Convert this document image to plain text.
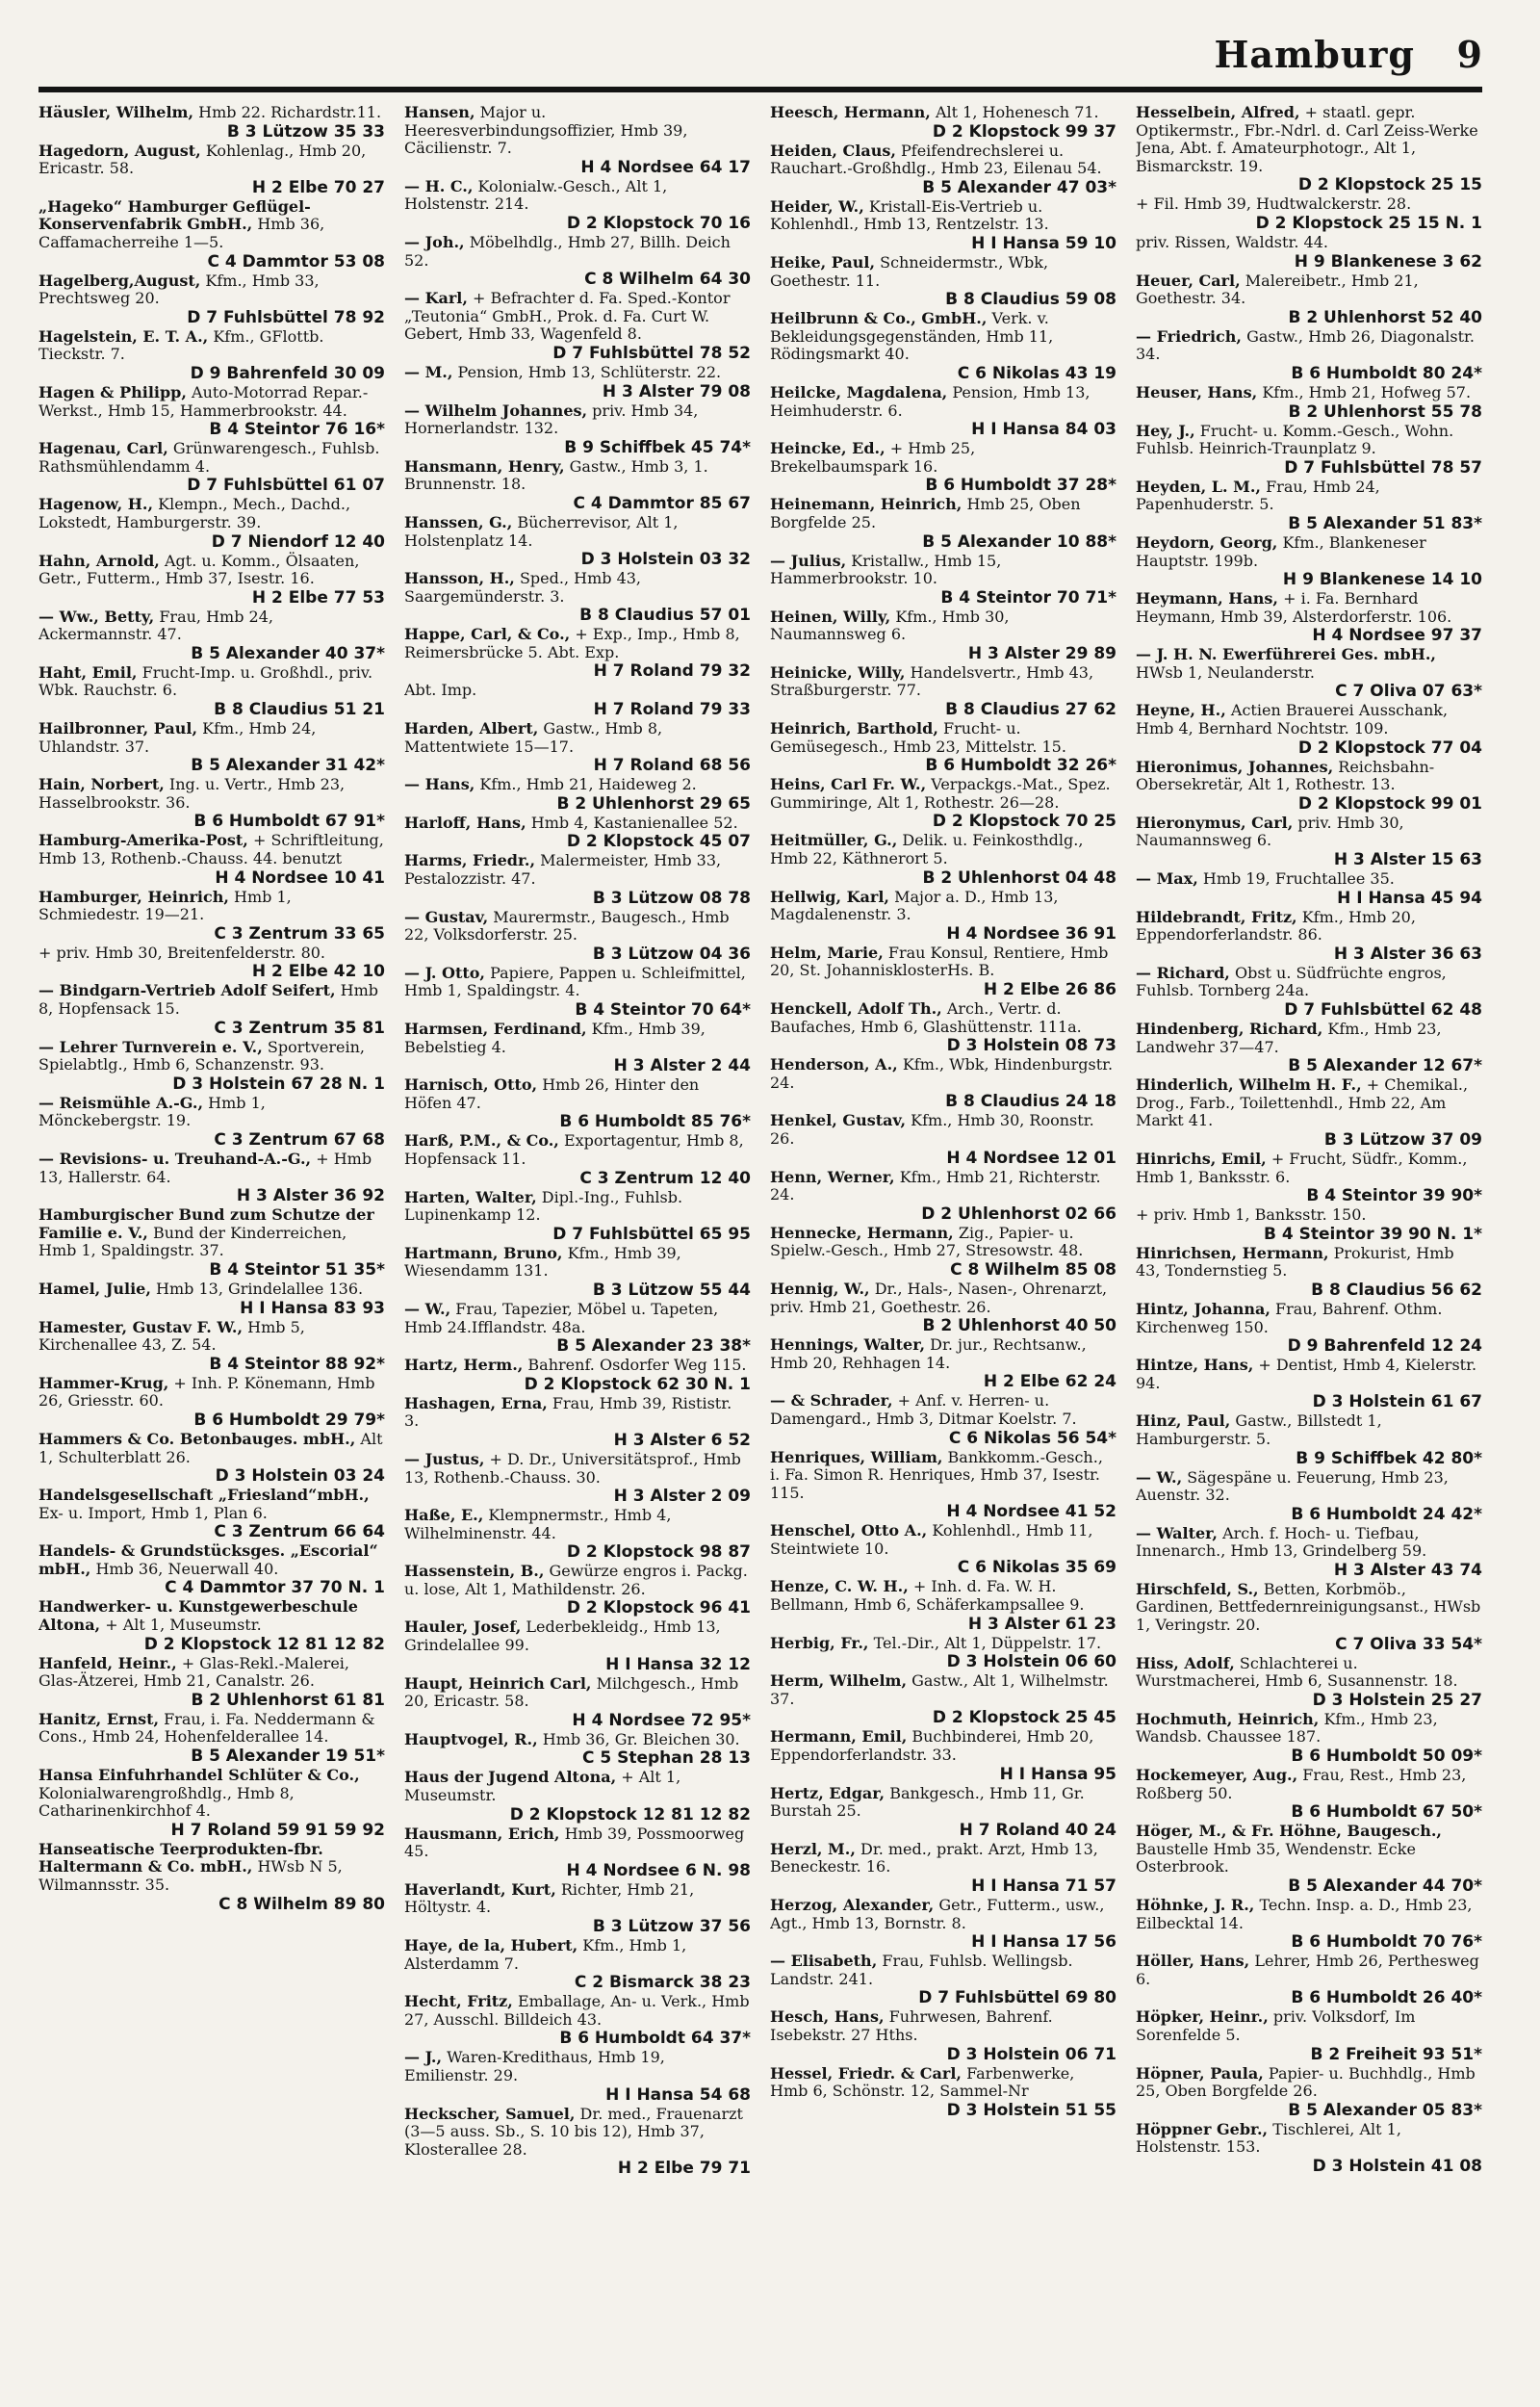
Hamburg 9
Häusler, Wilhelm, Hmb 22. Richardstr.11.
B 3 Lützow 35 33
Hagedorn, August, Kohlenlag., Hmb 20, Ericastr. 58.
H 2 Elbe 70 27
„Hageko“ Hamburger Geflügel-Konservenfabrik GmbH., Hmb 36, Caffamacherreihe 1—5.
C 4 Dammtor 53 08
Hagelberg,August, Kfm., Hmb 33, Prechtsweg 20.
D 7 Fuhlsbüttel 78 92
Hagelstein, E. T. A., Kfm., GFlottb. Tieckstr. 7.
D 9 Bahrenfeld 30 09
Hagen & Philipp, Auto-Motorrad Repar.-Werkst., Hmb 15, Hammerbrookstr. 44.
B 4 Steintor 76 16*
Hagenau, Carl, Grünwarengesch., Fuhlsb. Rathsmühlendamm 4.
D 7 Fuhlsbüttel 61 07
Hagenow, H., Klempn., Mech., Dachd., Lokstedt, Hamburgerstr. 39.
D 7 Niendorf 12 40
Hahn, Arnold, Agt. u. Komm., Ölsaaten, Getr., Futterm., Hmb 37, Isestr. 16.
H 2 Elbe 77 53
— Ww., Betty, Frau, Hmb 24, Ackermannstr. 47.
B 5 Alexander 40 37*
Haht, Emil, Frucht-Imp. u. Großhdl., priv. Wbk. Rauchstr. 6.
B 8 Claudius 51 21
Hailbronner, Paul, Kfm., Hmb 24, Uhlandstr. 37.
B 5 Alexander 31 42*
Hain, Norbert, Ing. u. Vertr., Hmb 23, Hasselbrookstr. 36.
B 6 Humboldt 67 91*
Hamburg-Amerika-Post, + Schriftleitung, Hmb 13, Rothenb.-Chauss. 44. benutzt
H 4 Nordsee 10 41
Hamburger, Heinrich, Hmb 1, Schmiedestr. 19—21.
C 3 Zentrum 33 65
+ priv. Hmb 30, Breitenfelderstr. 80.
H 2 Elbe 42 10
— Bindgarn-Vertrieb Adolf Seifert, Hmb 8, Hopfensack 15.
C 3 Zentrum 35 81
— Lehrer Turnverein e. V., Sportverein, Spielabtlg., Hmb 6, Schanzenstr. 93.
D 3 Holstein 67 28 N. 1
— Reismühle A.-G., Hmb 1, Mönckebergstr. 19.
C 3 Zentrum 67 68
— Revisions- u. Treuhand-A.-G., + Hmb 13, Hallerstr. 64.
H 3 Alster 36 92
Hamburgischer Bund zum Schutze der Familie e. V., Bund der Kinderreichen, Hmb 1, Spaldingstr. 37.
B 4 Steintor 51 35*
Hamel, Julie, Hmb 13, Grindelallee 136.
H I Hansa 83 93
Hamester, Gustav F. W., Hmb 5, Kirchenallee 43, Z. 54.
B 4 Steintor 88 92*
Hammer-Krug, + Inh. P. Könemann, Hmb 26, Griesstr. 60.
B 6 Humboldt 29 79*
Hammers & Co. Betonbauges. mbH., Alt 1, Schulterblatt 26.
D 3 Holstein 03 24
Handelsgesellschaft „Friesland“mbH., Ex- u. Import, Hmb 1, Plan 6.
C 3 Zentrum 66 64
Handels- & Grundstücksges. „Escorial“ mbH., Hmb 36, Neuerwall 40.
C 4 Dammtor 37 70 N. 1
Handwerker- u. Kunstgewerbeschule Altona, + Alt 1, Museumstr.
D 2 Klopstock 12 81 12 82
Hanfeld, Heinr., + Glas-Rekl.-Malerei, Glas-Ätzerei, Hmb 21, Canalstr. 26.
B 2 Uhlenhorst 61 81
Hanitz, Ernst, Frau, i. Fa. Neddermann & Cons., Hmb 24, Hohenfelderallee 14.
B 5 Alexander 19 51*
Hansa Einfuhrhandel Schlüter & Co., Kolonialwarengroßhdlg., Hmb 8, Catharinenkirchhof 4.
H 7 Roland 59 91 59 92
Hanseatische Teerprodukten-fbr. Haltermann & Co. mbH., HWsb N 5, Wilmannsstr. 35.
C 8 Wilhelm 89 80
Hansen, Major u. Heeresverbindungsoffizier, Hmb 39, Cäcilienstr. 7.
H 4 Nordsee 64 17
— H. C., Kolonialw.-Gesch., Alt 1, Holstenstr. 214.
D 2 Klopstock 70 16
— Joh., Möbelhdlg., Hmb 27, Billh. Deich 52.
C 8 Wilhelm 64 30
— Karl, + Befrachter d. Fa. Sped.-Kontor „Teutonia“ GmbH., Prok. d. Fa. Curt W. Gebert, Hmb 33, Wagenfeld 8.
D 7 Fuhlsbüttel 78 52
— M., Pension, Hmb 13, Schlüterstr. 22.
H 3 Alster 79 08
— Wilhelm Johannes, priv. Hmb 34, Hornerlandstr. 132.
B 9 Schiffbek 45 74*
Hansmann, Henry, Gastw., Hmb 3, 1. Brunnenstr. 18.
C 4 Dammtor 85 67
Hanssen, G., Bücherrevisor, Alt 1, Holstenplatz 14.
D 3 Holstein 03 32
Hansson, H., Sped., Hmb 43, Saargemünderstr. 3.
B 8 Claudius 57 01
Happe, Carl, & Co., + Exp., Imp., Hmb 8, Reimersbrücke 5. Abt. Exp.
H 7 Roland 79 32
Abt. Imp.
H 7 Roland 79 33
Harden, Albert, Gastw., Hmb 8, Mattentwiete 15—17.
H 7 Roland 68 56
— Hans, Kfm., Hmb 21, Haideweg 2.
B 2 Uhlenhorst 29 65
Harloff, Hans, Hmb 4, Kastanienallee 52.
D 2 Klopstock 45 07
Harms, Friedr., Malermeister, Hmb 33, Pestalozzistr. 47.
B 3 Lützow 08 78
— Gustav, Maurermstr., Baugesch., Hmb 22, Volksdorferstr. 25.
B 3 Lützow 04 36
— J. Otto, Papiere, Pappen u. Schleifmittel, Hmb 1, Spaldingstr. 4.
B 4 Steintor 70 64*
Harmsen, Ferdinand, Kfm., Hmb 39, Bebelstieg 4.
H 3 Alster 2 44
Harnisch, Otto, Hmb 26, Hinter den Höfen 47.
B 6 Humboldt 85 76*
Harß, P.M., & Co., Exportagentur, Hmb 8, Hopfensack 11.
C 3 Zentrum 12 40
Harten, Walter, Dipl.-Ing., Fuhlsb. Lupinenkamp 12.
D 7 Fuhlsbüttel 65 95
Hartmann, Bruno, Kfm., Hmb 39, Wiesendamm 131.
B 3 Lützow 55 44
— W., Frau, Tapezier, Möbel u. Tapeten, Hmb 24.Ifflandstr. 48a.
B 5 Alexander 23 38*
Hartz, Herm., Bahrenf. Osdorfer Weg 115.
D 2 Klopstock 62 30 N. 1
Hashagen, Erna, Frau, Hmb 39, Rististr. 3.
H 3 Alster 6 52
— Justus, + D. Dr., Universitätsprof., Hmb 13, Rothenb.-Chauss. 30.
H 3 Alster 2 09
Haße, E., Klempnermstr., Hmb 4, Wilhelminenstr. 44.
D 2 Klopstock 98 87
Hassenstein, B., Gewürze engros i. Packg. u. lose, Alt 1, Mathildenstr. 26.
D 2 Klopstock 96 41
Hauler, Josef, Lederbekleidg., Hmb 13, Grindelallee 99.
H I Hansa 32 12
Haupt, Heinrich Carl, Milchgesch., Hmb 20, Ericastr. 58.
H 4 Nordsee 72 95*
Hauptvogel, R., Hmb 36, Gr. Bleichen 30.
C 5 Stephan 28 13
Haus der Jugend Altona, + Alt 1, Museumstr.
D 2 Klopstock 12 81 12 82
Hausmann, Erich, Hmb 39, Possmoorweg 45.
H 4 Nordsee 6 N. 98
Haverlandt, Kurt, Richter, Hmb 21, Höltystr. 4.
B 3 Lützow 37 56
Haye, de la, Hubert, Kfm., Hmb 1, Alsterdamm 7.
C 2 Bismarck 38 23
Hecht, Fritz, Emballage, An- u. Verk., Hmb 27, Ausschl. Billdeich 43.
B 6 Humboldt 64 37*
— J., Waren-Kredithaus, Hmb 19, Emilienstr. 29.
H I Hansa 54 68
Heckscher, Samuel, Dr. med., Frauenarzt (3—5 auss. Sb., S. 10 bis 12), Hmb 37, Klosterallee 28.
H 2 Elbe 79 71
Heesch, Hermann, Alt 1, Hohenesch 71.
D 2 Klopstock 99 37
Heiden, Claus, Pfeifendrechslerei u. Rauchart.-Großhdlg., Hmb 23, Eilenau 54.
B 5 Alexander 47 03*
Heider, W., Kristall-Eis-Vertrieb u. Kohlenhdl., Hmb 13, Rentzelstr. 13.
H I Hansa 59 10
Heike, Paul, Schneidermstr., Wbk, Goethestr. 11.
B 8 Claudius 59 08
Heilbrunn & Co., GmbH., Verk. v. Bekleidungsgegenständen, Hmb 11, Rödingsmarkt 40.
C 6 Nikolas 43 19
Heilcke, Magdalena, Pension, Hmb 13, Heimhuderstr. 6.
H I Hansa 84 03
Heincke, Ed., + Hmb 25, Brekelbaumspark 16.
B 6 Humboldt 37 28*
Heinemann, Heinrich, Hmb 25, Oben Borgfelde 25.
B 5 Alexander 10 88*
— Julius, Kristallw., Hmb 15, Hammerbrookstr. 10.
B 4 Steintor 70 71*
Heinen, Willy, Kfm., Hmb 30, Naumannsweg 6.
H 3 Alster 29 89
Heinicke, Willy, Handelsvertr., Hmb 43, Straßburgerstr. 77.
B 8 Claudius 27 62
Heinrich, Barthold, Frucht- u. Gemüsegesch., Hmb 23, Mittelstr. 15.
B 6 Humboldt 32 26*
Heins, Carl Fr. W., Verpackgs.-Mat., Spez. Gummiringe, Alt 1, Rothestr. 26—28.
D 2 Klopstock 70 25
Heitmüller, G., Delik. u. Feinkosthdlg., Hmb 22, Käthnerort 5.
B 2 Uhlenhorst 04 48
Hellwig, Karl, Major a. D., Hmb 13, Magdalenenstr. 3.
H 4 Nordsee 36 91
Helm, Marie, Frau Konsul, Rentiere, Hmb 20, St. JohannisklosterHs. B.
H 2 Elbe 26 86
Henckell, Adolf Th., Arch., Vertr. d. Baufaches, Hmb 6, Glashüttenstr. 111a.
D 3 Holstein 08 73
Henderson, A., Kfm., Wbk, Hindenburgstr. 24.
B 8 Claudius 24 18
Henkel, Gustav, Kfm., Hmb 30, Roonstr. 26.
H 4 Nordsee 12 01
Henn, Werner, Kfm., Hmb 21, Richterstr. 24.
D 2 Uhlenhorst 02 66
Hennecke, Hermann, Zig., Papier- u. Spielw.-Gesch., Hmb 27, Stresowstr. 48.
C 8 Wilhelm 85 08
Hennig, W., Dr., Hals-, Nasen-, Ohrenarzt, priv. Hmb 21, Goethestr. 26.
B 2 Uhlenhorst 40 50
Hennings, Walter, Dr. jur., Rechtsanw., Hmb 20, Rehhagen 14.
H 2 Elbe 62 24
— & Schrader, + Anf. v. Herren- u. Damengard., Hmb 3, Ditmar Koelstr. 7.
C 6 Nikolas 56 54*
Henriques, William, Bankkomm.-Gesch., i. Fa. Simon R. Henriques, Hmb 37, Isestr. 115.
H 4 Nordsee 41 52
Henschel, Otto A., Kohlenhdl., Hmb 11, Steintwiete 10.
C 6 Nikolas 35 69
Henze, C. W. H., + Inh. d. Fa. W. H. Bellmann, Hmb 6, Schäferkampsallee 9.
H 3 Alster 61 23
Herbig, Fr., Tel.-Dir., Alt 1, Düppelstr. 17.
D 3 Holstein 06 60
Herm, Wilhelm, Gastw., Alt 1, Wilhelmstr. 37.
D 2 Klopstock 25 45
Hermann, Emil, Buchbinderei, Hmb 20, Eppendorferlandstr. 33.
H I Hansa 95
Hertz, Edgar, Bankgesch., Hmb 11, Gr. Burstah 25.
H 7 Roland 40 24
Herzl, M., Dr. med., prakt. Arzt, Hmb 13, Beneckestr. 16.
H I Hansa 71 57
Herzog, Alexander, Getr., Futterm., usw., Agt., Hmb 13, Bornstr. 8.
H I Hansa 17 56
— Elisabeth, Frau, Fuhlsb. Wellingsb. Landstr. 241.
D 7 Fuhlsbüttel 69 80
Hesch, Hans, Fuhrwesen, Bahrenf. Isebekstr. 27 Hths.
D 3 Holstein 06 71
Hessel, Friedr. & Carl, Farbenwerke, Hmb 6, Schönstr. 12, Sammel-Nr
D 3 Holstein 51 55
Hesselbein, Alfred, + staatl. gepr. Optikermstr., Fbr.-Ndrl. d. Carl Zeiss-Werke Jena, Abt. f. Amateurphotogr., Alt 1, Bismarckstr. 19.
D 2 Klopstock 25 15
+ Fil. Hmb 39, Hudtwalckerstr. 28.
D 2 Klopstock 25 15 N. 1
priv. Rissen, Waldstr. 44.
H 9 Blankenese 3 62
Heuer, Carl, Malereibetr., Hmb 21, Goethestr. 34.
B 2 Uhlenhorst 52 40
— Friedrich, Gastw., Hmb 26, Diagonalstr. 34.
B 6 Humboldt 80 24*
Heuser, Hans, Kfm., Hmb 21, Hofweg 57.
B 2 Uhlenhorst 55 78
Hey, J., Frucht- u. Komm.-Gesch., Wohn. Fuhlsb. Heinrich-Traunplatz 9.
D 7 Fuhlsbüttel 78 57
Heyden, L. M., Frau, Hmb 24, Papenhuderstr. 5.
B 5 Alexander 51 83*
Heydorn, Georg, Kfm., Blankeneser Hauptstr. 199b.
H 9 Blankenese 14 10
Heymann, Hans, + i. Fa. Bernhard Heymann, Hmb 39, Alsterdorferstr. 106.
H 4 Nordsee 97 37
— J. H. N. Ewerführerei Ges. mbH., HWsb 1, Neulanderstr.
C 7 Oliva 07 63*
Heyne, H., Actien Brauerei Ausschank, Hmb 4, Bernhard Nochtstr. 109.
D 2 Klopstock 77 04
Hieronimus, Johannes, Reichsbahn-Obersekretär, Alt 1, Rothestr. 13.
D 2 Klopstock 99 01
Hieronymus, Carl, priv. Hmb 30, Naumannsweg 6.
H 3 Alster 15 63
— Max, Hmb 19, Fruchtallee 35.
H I Hansa 45 94
Hildebrandt, Fritz, Kfm., Hmb 20, Eppendorferlandstr. 86.
H 3 Alster 36 63
— Richard, Obst u. Südfrüchte engros, Fuhlsb. Tornberg 24a.
D 7 Fuhlsbüttel 62 48
Hindenberg, Richard, Kfm., Hmb 23, Landwehr 37—47.
B 5 Alexander 12 67*
Hinderlich, Wilhelm H. F., + Chemikal., Drog., Farb., Toilettenhdl., Hmb 22, Am Markt 41.
B 3 Lützow 37 09
Hinrichs, Emil, + Frucht, Südfr., Komm., Hmb 1, Banksstr. 6.
B 4 Steintor 39 90*
+ priv. Hmb 1, Banksstr. 150.
B 4 Steintor 39 90 N. 1*
Hinrichsen, Hermann, Prokurist, Hmb 43, Tondernstieg 5.
B 8 Claudius 56 62
Hintz, Johanna, Frau, Bahrenf. Othm. Kirchenweg 150.
D 9 Bahrenfeld 12 24
Hintze, Hans, + Dentist, Hmb 4, Kielerstr. 94.
D 3 Holstein 61 67
Hinz, Paul, Gastw., Billstedt 1, Hamburgerstr. 5.
B 9 Schiffbek 42 80*
— W., Sägespäne u. Feuerung, Hmb 23, Auenstr. 32.
B 6 Humboldt 24 42*
— Walter, Arch. f. Hoch- u. Tiefbau, Innenarch., Hmb 13, Grindelberg 59.
H 3 Alster 43 74
Hirschfeld, S., Betten, Korbmöb., Gardinen, Bettfedernreinigungsanst., HWsb 1, Veringstr. 20.
C 7 Oliva 33 54*
Hiss, Adolf, Schlachterei u. Wurstmacherei, Hmb 6, Susannenstr. 18.
D 3 Holstein 25 27
Hochmuth, Heinrich, Kfm., Hmb 23, Wandsb. Chaussee 187.
B 6 Humboldt 50 09*
Hockemeyer, Aug., Frau, Rest., Hmb 23, Roßberg 50.
B 6 Humboldt 67 50*
Höger, M., & Fr. Höhne, Baugesch., Baustelle Hmb 35, Wendenstr. Ecke Osterbrook.
B 5 Alexander 44 70*
Höhnke, J. R., Techn. Insp. a. D., Hmb 23, Eilbecktal 14.
B 6 Humboldt 70 76*
Höller, Hans, Lehrer, Hmb 26, Perthesweg 6.
B 6 Humboldt 26 40*
Höpker, Heinr., priv. Volksdorf, Im Sorenfelde 5.
B 2 Freiheit 93 51*
Höpner, Paula, Papier- u. Buchhdlg., Hmb 25, Oben Borgfelde 26.
B 5 Alexander 05 83*
Höppner Gebr., Tischlerei, Alt 1, Holstenstr. 153.
D 3 Holstein 41 08
